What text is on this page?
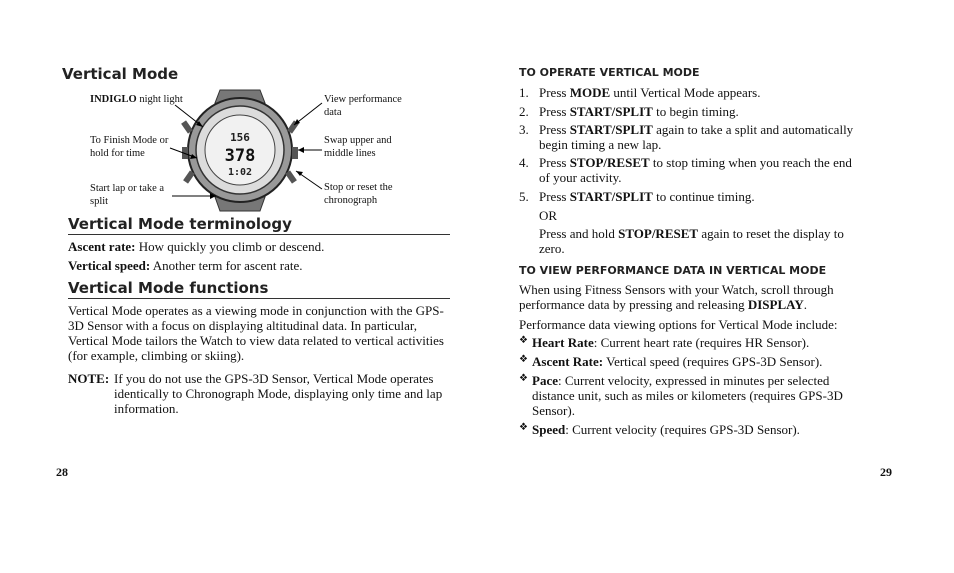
Vertical Mode
INDIGLO night light
To Finish Mode or hold for time
Start lap or take a split
View performance data
Swap upper and middle lines
Stop or reset the chronograph
156
378
1:02
Vertical Mode terminology
Ascent rate: How quickly you climb or descend.
Vertical speed: Another term for ascent rate.
Vertical Mode functions
Vertical Mode operates as a viewing mode in conjunction with the GPS-3D Sensor with a focus on displaying altitudinal data. In particular, Vertical Mode tailors the Watch to view data related to vertical activities (for example, climbing or skiing).
NOTE: If you do not use the GPS-3D Sensor, Vertical Mode operates identically to Chronograph Mode, displaying only time and lap information.
28
TO OPERATE VERTICAL MODE
1. Press MODE until Vertical Mode appears.
2. Press START/SPLIT to begin timing.
3. Press START/SPLIT again to take a split and automatically
begin timing a new lap.
4. Press STOP/RESET to stop timing when you reach the end
of your activity.
5. Press START/SPLIT to continue timing.
OR
Press and hold STOP/RESET again to reset the display to
zero.
TO VIEW PERFORMANCE DATA IN VERTICAL MODE
When using Fitness Sensors with your Watch, scroll through
performance data by pressing and releasing DISPLAY.
Performance data viewing options for Vertical Mode include:
❖ Heart Rate: Current heart rate (requires HR Sensor).
❖ Ascent Rate: Vertical speed (requires GPS-3D Sensor).
❖ Pace: Current velocity, expressed in minutes per selected
distance unit, such as miles or kilometers (requires GPS-3D
Sensor).
❖ Speed: Current velocity (requires GPS-3D Sensor).
29
